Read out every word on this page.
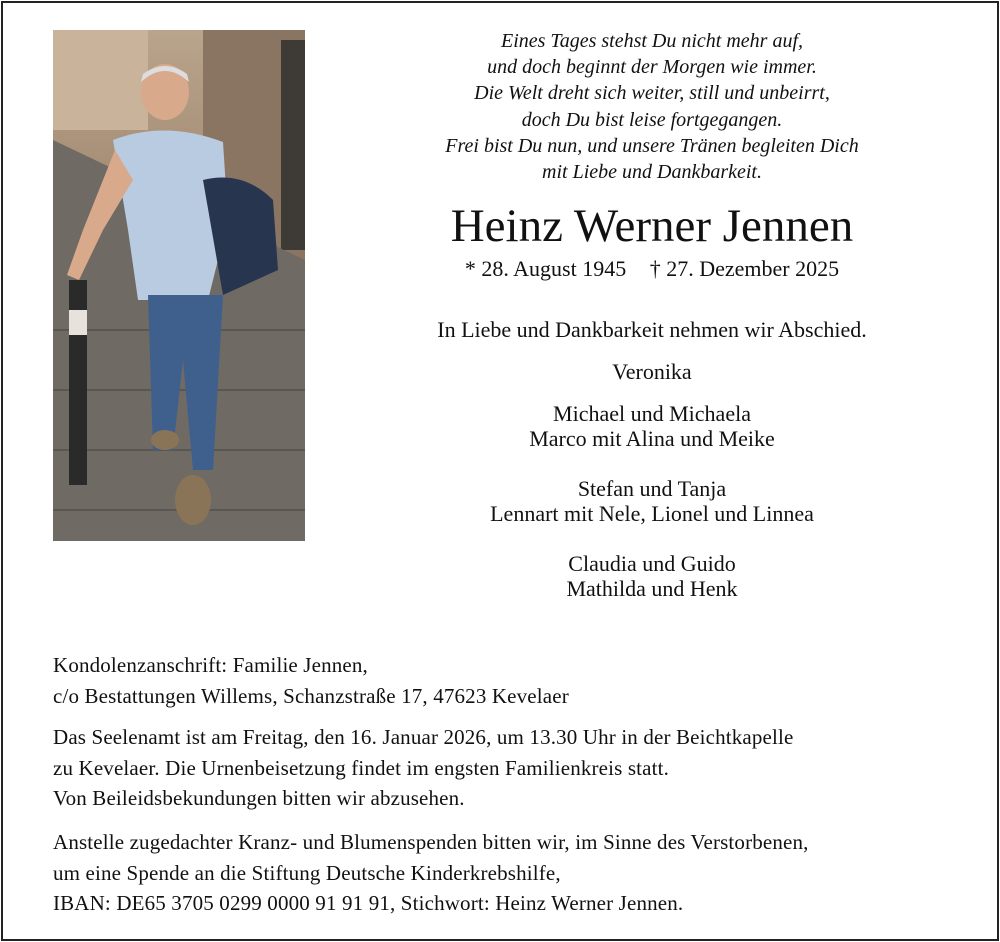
Eines Tages stehst Du nicht mehr auf,
und doch beginnt der Morgen wie immer.
Die Welt dreht sich weiter, still und unbeirrt,
doch Du bist leise fortgegangen.
Frei bist Du nun, und unsere Tränen begleiten Dich
mit Liebe und Dankbarkeit.
Heinz Werner Jennen
* 28. August 1945 † 27. Dezember 2025
In Liebe und Dankbarkeit nehmen wir Abschied.
Veronika
Michael und Michaela
Marco mit Alina und Meike
Stefan und Tanja
Lennart mit Nele, Lionel und Linnea
Claudia und Guido
Mathilda und Henk
Kondolenzanschrift: Familie Jennen,
c/o Bestattungen Willems, Schanzstraße 17, 47623 Kevelaer
Das Seelenamt ist am Freitag, den 16. Januar 2026, um 13.30 Uhr in der Beichtkapelle
zu Kevelaer. Die Urnenbeisetzung findet im engsten Familienkreis statt.
Von Beileidsbekundungen bitten wir abzusehen.
Anstelle zugedachter Kranz- und Blumenspenden bitten wir, im Sinne des Verstorbenen,
um eine Spende an die Stiftung Deutsche Kinderkrebshilfe,
IBAN: DE65 3705 0299 0000 91 91 91, Stichwort: Heinz Werner Jennen.
